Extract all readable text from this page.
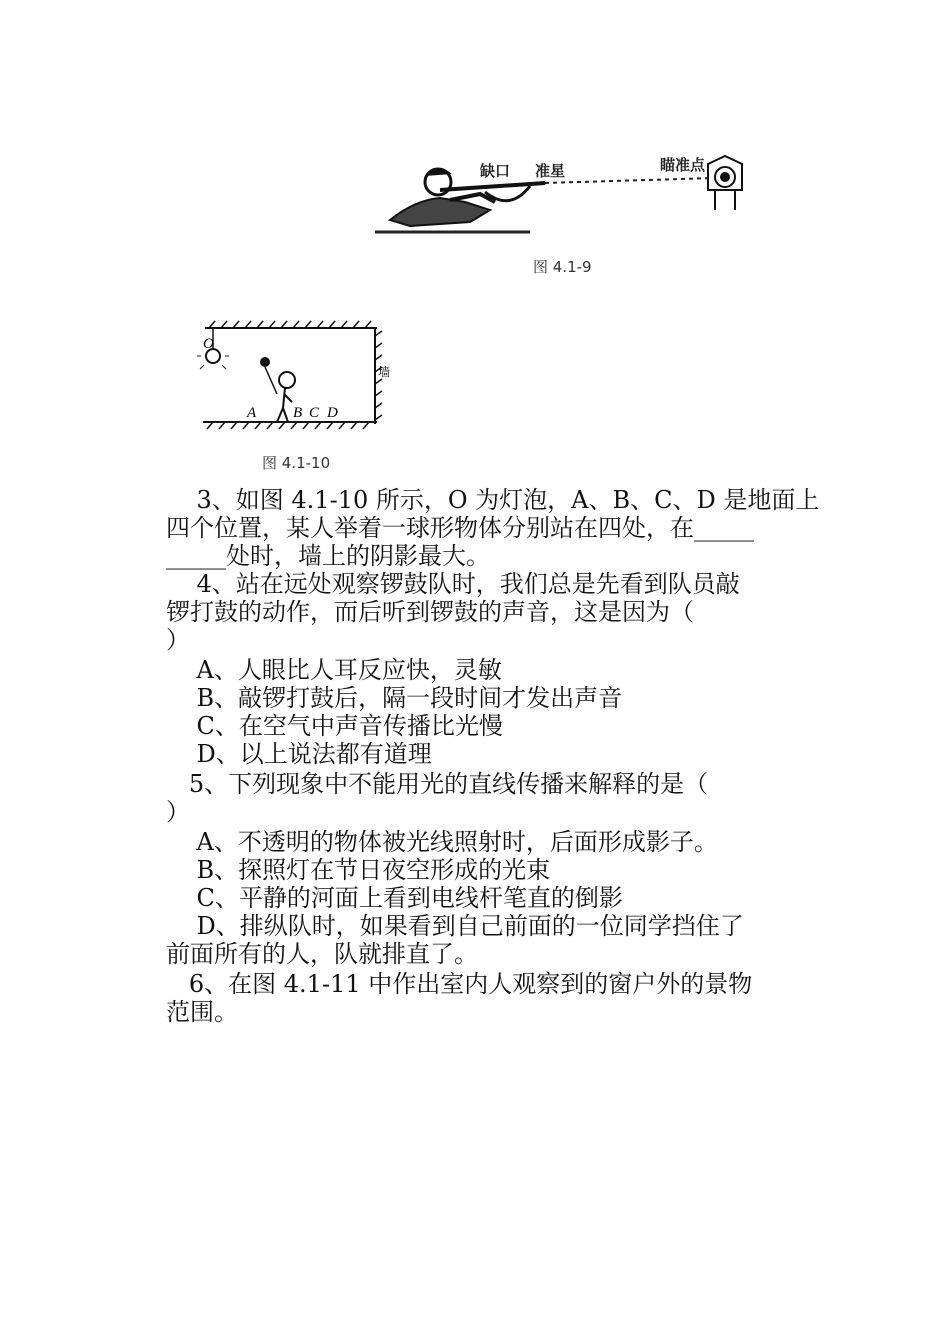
缺口 准星	瞄准点
图 4.1-9
O
A B C D
墙
图 4.1-10
3、如图 4.1-10 所示，O 为灯泡，A、B、C、D 是地面上
四个位置，某人举着一球形物体分别站在四处，在_____
_____处时，墙上的阴影最大。
4、站在远处观察锣鼓队时，我们总是先看到队员敲
锣打鼓的动作，而后听到锣鼓的声音，这是因为（
）
A、人眼比人耳反应快，灵敏
B、敲锣打鼓后，隔一段时间才发出声音
C、在空气中声音传播比光慢
D、以上说法都有道理
5、下列现象中不能用光的直线传播来解释的是（
）
A、不透明的物体被光线照射时，后面形成影子。
B、探照灯在节日夜空形成的光束
C、平静的河面上看到电线杆笔直的倒影
D、排纵队时，如果看到自己前面的一位同学挡住了
前面所有的人，队就排直了。
6、在图 4.1-11 中作出室内人观察到的窗户外的景物
范围。
